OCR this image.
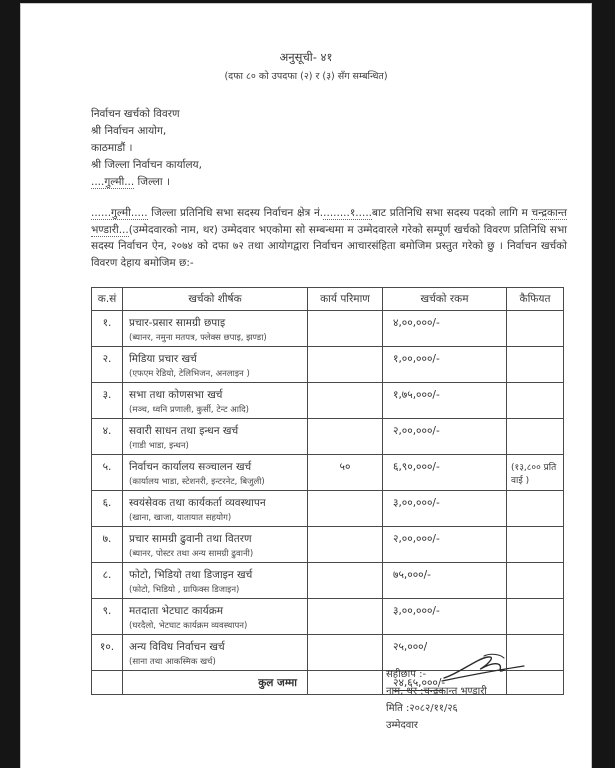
अनुसूची- ४१
(दफा ८० को उपदफा (२) र (३) सँग सम्बन्धित)
निर्वाचन खर्चको विवरण
श्री निर्वाचन आयोग,
काठमाडौं ।
श्री जिल्ला निर्वाचन कार्यालय,
....गुल्मी... जिल्ला ।
......गुल्मी..... जिल्ला प्रतिनिधि सभा सदस्य निर्वाचन क्षेत्र नं.........१.....बाट प्रतिनिधि सभा सदस्य पदको लागि म चन्द्रकान्त भण्डारी...(उम्मेदवारको नाम, थर) उम्मेदवार भएकोमा सो सम्बन्धमा म उम्मेदवारले गरेको सम्पूर्ण खर्चको विवरण प्रतिनिधि सभा सदस्य निर्वाचन ऐन, २०७४ को दफा ७२ तथा आयोगद्वारा निर्वाचन आचारसंहिता बमोजिम प्रस्तुत गरेको छु । निर्वाचन खर्चको विवरण देहाय बमोजिम छ:-
क.सं	खर्चको शीर्षक	कार्य परिमाण	खर्चको रकम	कैफियत
१.	प्रचार-प्रसार सामग्री छपाइ
(ब्यानर, नमुना मतपत्र, फ्लेक्स छपाइ, झण्डा)		४,००,०००/-	
२.	मिडिया प्रचार खर्च
(एफएम रेडियो, टेलिभिजन, अनलाइन )		१,००,०००/-	
३.	सभा तथा कोणसभा खर्च
(मञ्च, ध्वनि प्रणाली, कुर्सी, टेन्ट आदि)		१,७५,०००/-	
४.	सवारी साधन तथा इन्धन खर्च
(गाडी भाडा, इन्धन)		२,००,०००/-	
५.	निर्वाचन कार्यालय सञ्चालन खर्च
(कार्यालय भाडा, स्टेशनरी, इन्टरनेट, बिजुली)	५०	६,९०,०००/-	(१३,८०० प्रति वाई )
६.	स्वयंसेवक तथा कार्यकर्ता व्यवस्थापन
(खाना, खाजा, यातायात सहयोग)		३,००,०००/-	
७.	प्रचार सामग्री ढुवानी तथा वितरण
(ब्यानर, पोस्टर तथा अन्य सामग्री ढुवानी)		२,००,०००/-	
८.	फोटो, भिडियो तथा डिजाइन खर्च
(फोटो, भिडियो , ग्राफिक्स डिजाइन)		७५,०००/-	
९.	मतदाता भेटघाट कार्यक्रम
(घरदैलो, भेटघाट कार्यक्रम व्यवस्थापन)		३,००,०००/-	
१०.	अन्य विविध निर्वाचन खर्च
(साना तथा आकस्मिक खर्च)		२५,०००/	
	कुल जम्मा		२४,६५,०००/-	
सहीछाप :-
नाम, थर :चन्द्रकान्त भण्डारी
मिति :२०८२/११/२६
उम्मेदवार
